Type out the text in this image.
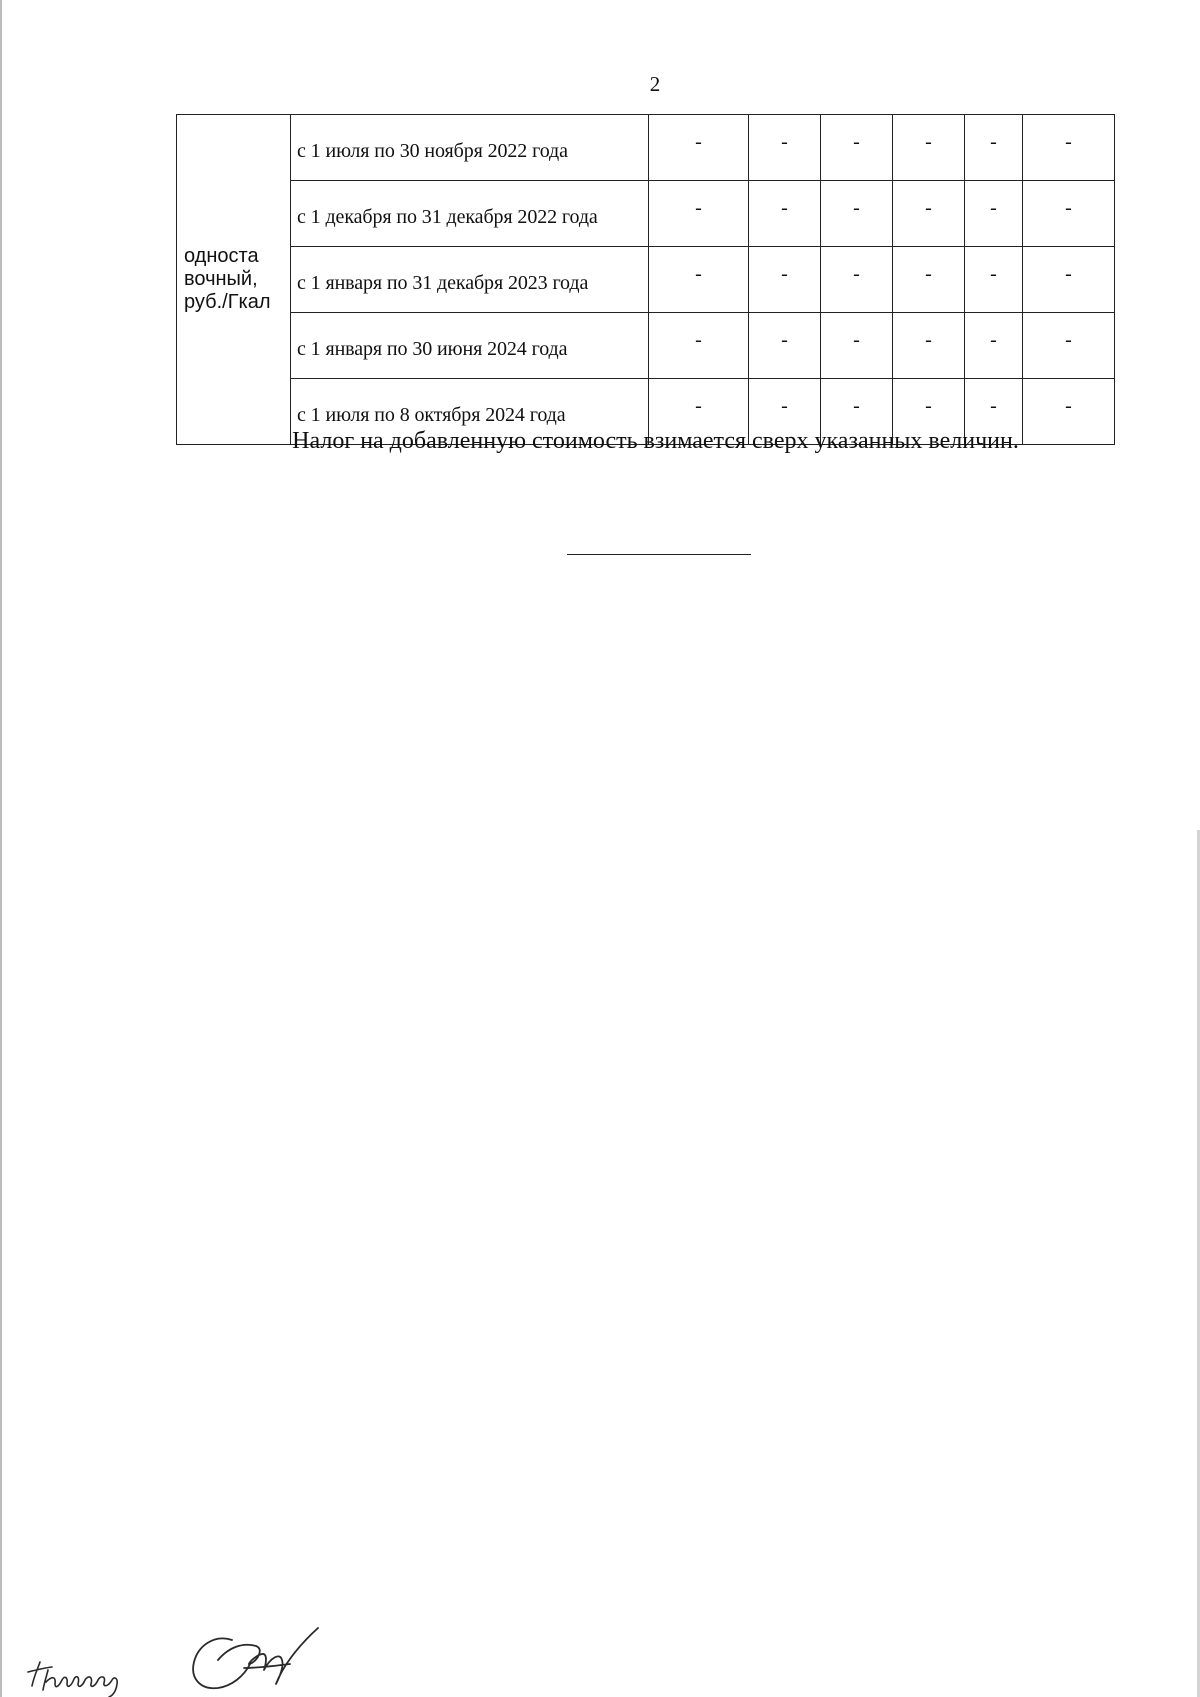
2
односта
вочный,
руб./Гкал	с 1 июля по 30 ноября 2022 года	-	-	-	-	-	-
	с 1 декабря по 31 декабря 2022 года	-	-	-	-	-	-
	с 1 января по 31 декабря 2023 года	-	-	-	-	-	-
	с 1 января по 30 июня 2024 года	-	-	-	-	-	-
	с 1 июля по 8 октября 2024 года	-	-	-	-	-	-
Налог на добавленную стоимость взимается сверх указанных величин.
